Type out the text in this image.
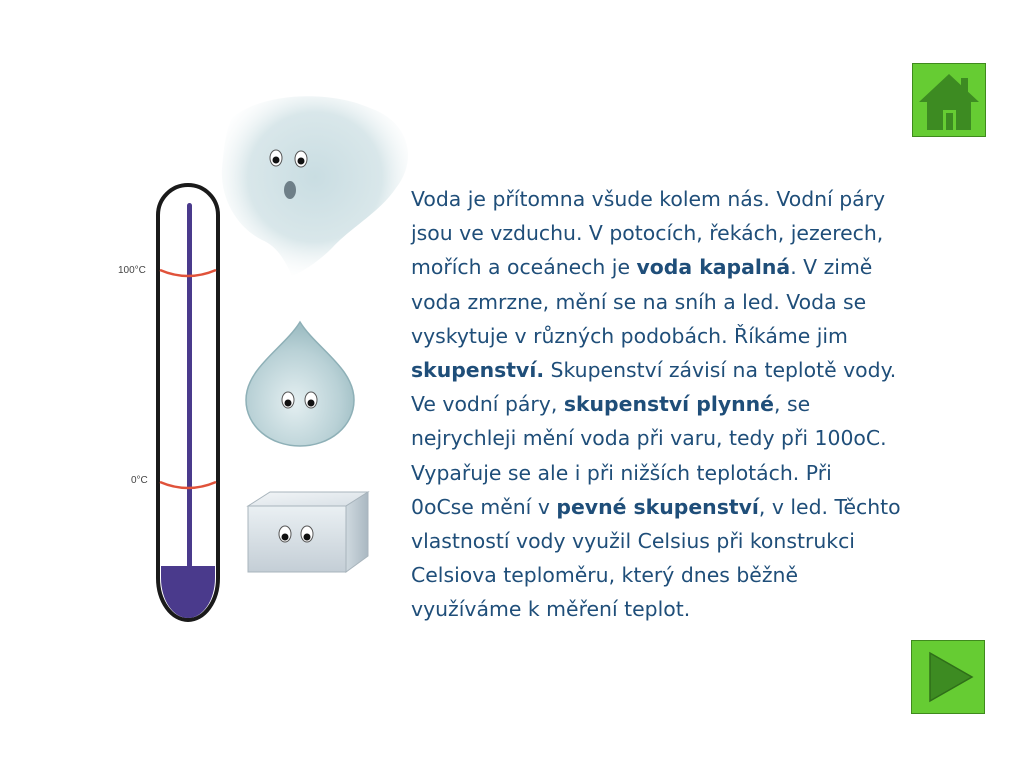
100°C
0°C
Voda je přítomna všude kolem nás. Vodní páry jsou ve vzduchu. V potocích, řekách, jezerech, mořích a oceánech je voda kapalná. V zimě voda zmrzne, mění se na sníh a led. Voda se vyskytuje v různých podobách. Říkáme jim skupenství. Skupenství závisí na teplotě vody. Ve vodní páry, skupenství plynné, se nejrychleji mění voda při varu, tedy při 100oC. Vypařuje se ale i při nižších teplotách. Při 0oCse mění v pevné skupenství, v led. Těchto vlastností vody využil Celsius při konstrukci Celsiova teploměru, který dnes běžně využíváme k měření teplot.
